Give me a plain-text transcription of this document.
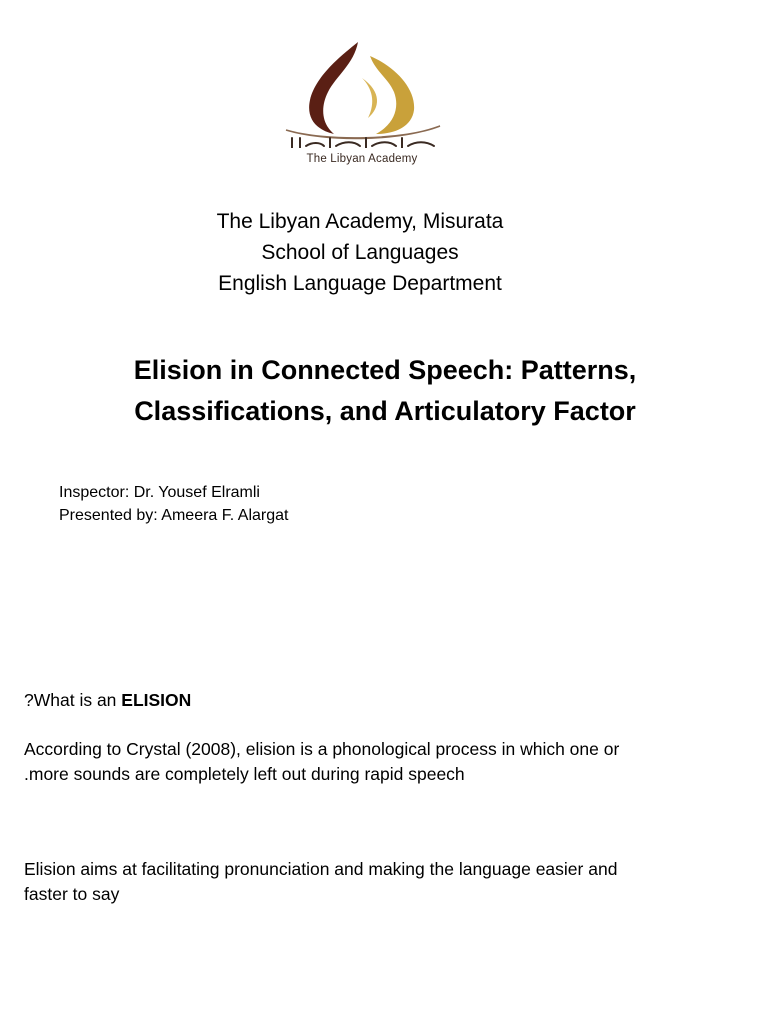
The Libyan Academy
The Libyan Academy, Misurata
School of Languages
English Language Department
Elision in Connected Speech: Patterns,
Classifications, and Articulatory Factor
Inspector: Dr. Yousef Elramli
Presented by: Ameera F. Alargat
?What is an ELISION
According to Crystal (2008), elision is a phonological process in which one or
.more sounds are completely left out during rapid speech
Elision aims at facilitating pronunciation and making the language easier and
faster to say
